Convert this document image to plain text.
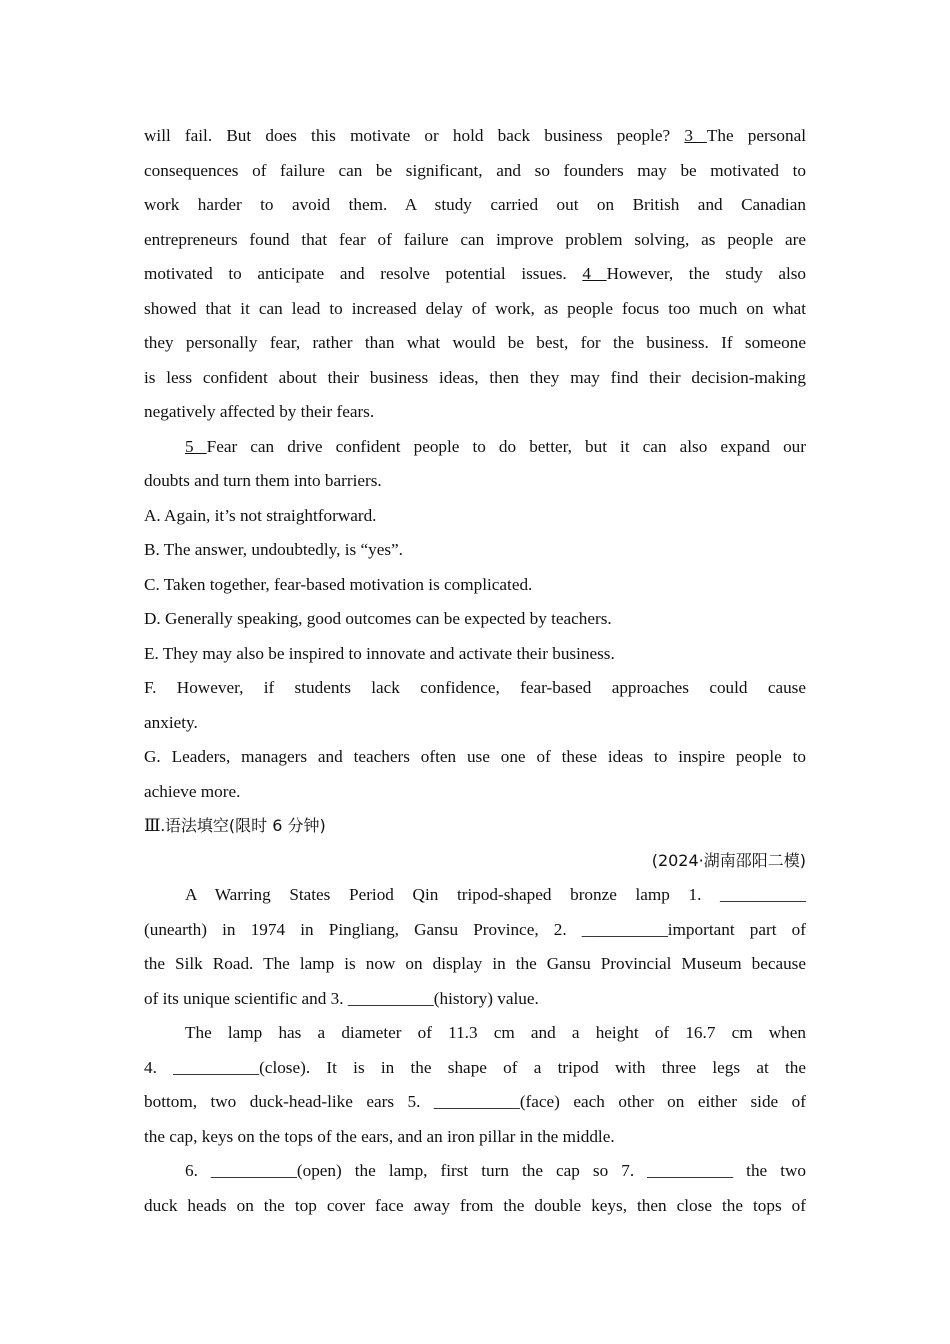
will fail. But does this motivate or hold back business people? 3 The personal
consequences of failure can be significant, and so founders may be motivated to
work harder to avoid them. A study carried out on British and Canadian
entrepreneurs found that fear of failure can improve problem solving, as people are
motivated to anticipate and resolve potential issues. 4 However, the study also
showed that it can lead to increased delay of work, as people focus too much on what
they personally fear, rather than what would be best, for the business. If someone
is less confident about their business ideas, then they may find their decision-making
negatively affected by their fears.
5 Fear can drive confident people to do better, but it can also expand our
doubts and turn them into barriers.
A. Again, it’s not straightforward.
B. The answer, undoubtedly, is “yes”.
C. Taken together, fear-based motivation is complicated.
D. Generally speaking, good outcomes can be expected by teachers.
E. They may also be inspired to innovate and activate their business.
F. However, if students lack confidence, fear-based approaches could cause
anxiety.
G. Leaders, managers and teachers often use one of these ideas to inspire people to
achieve more.
Ⅲ.语法填空(限时 6 分钟)
(2024·湖南邵阳二模)
A Warring States Period Qin tripod-shaped bronze lamp 1. __________
(unearth) in 1974 in Pingliang, Gansu Province, 2. __________important part of
the Silk Road. The lamp is now on display in the Gansu Provincial Museum because
of its unique scientific and 3. __________(history) value.
The lamp has a diameter of 11.3 cm and a height of 16.7 cm when
4. __________(close). It is in the shape of a tripod with three legs at the
bottom, two duck-head-like ears 5. __________(face) each other on either side of
the cap, keys on the tops of the ears, and an iron pillar in the middle.
6. __________(open) the lamp, first turn the cap so 7. __________ the two
duck heads on the top cover face away from the double keys, then close the tops of
